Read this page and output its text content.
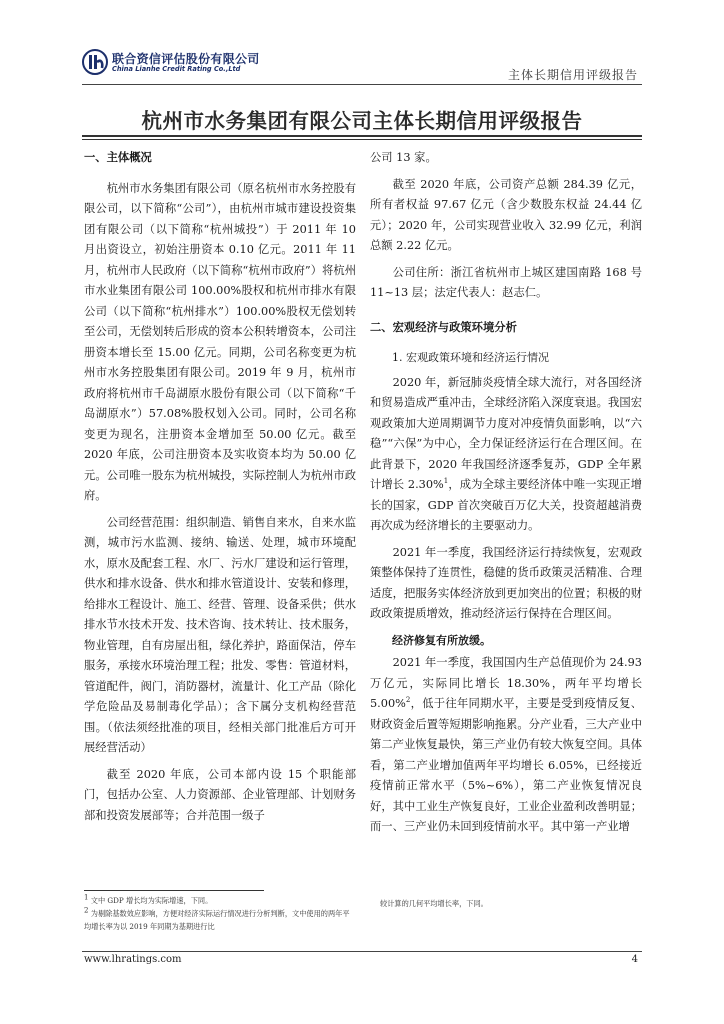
联合资信评估股份有限公司
China Lianhe Credit Rating Co.,Ltd	主体长期信用评级报告
杭州市水务集团有限公司主体长期信用评级报告
一、主体概况

杭州市水务集团有限公司（原名杭州市水务控股有限公司，以下简称“公司”），由杭州市城市建设投资集团有限公司（以下简称“杭州城投”）于 2011 年 10 月出资设立，初始注册资本 0.10 亿元。2011 年 11 月，杭州市人民政府（以下简称“杭州市政府”）将杭州市水业集团有限公司 100.00%股权和杭州市排水有限公司（以下简称“杭州排水”）100.00%股权无偿划转至公司，无偿划转后形成的资本公积转增资本，公司注册资本增长至 15.00 亿元。同期，公司名称变更为杭州市水务控股集团有限公司。2019 年 9 月，杭州市政府将杭州市千岛湖原水股份有限公司（以下简称“千岛湖原水”）57.08%股权划入公司。同时，公司名称变更为现名，注册资本金增加至 50.00 亿元。截至 2020 年底，公司注册资本及实收资本均为 50.00 亿元。公司唯一股东为杭州城投，实际控制人为杭州市政府。

公司经营范围：组织制造、销售自来水，自来水监测，城市污水监测、接纳、输送、处理，城市环境配水，原水及配套工程、水厂、污水厂建设和运行管理，供水和排水设备、供水和排水管道设计、安装和修理，给排水工程设计、施工、经营、管理、设备采供；供水排水节水技术开发、技术咨询、技术转让、技术服务，物业管理，自有房屋出租，绿化养护，路面保洁，停车服务，承接水环境治理工程；批发、零售：管道材料，管道配件，阀门，消防器材，流量计、化工产品（除化学危险品及易制毒化学品）；含下属分支机构经营范围。（依法须经批准的项目，经相关部门批准后方可开展经营活动）

截至 2020 年底，公司本部内设 15 个职能部门，包括办公室、人力资源部、企业管理部、计划财务部和投资发展部等；合并范围一级子

公司 13 家。

截至 2020 年底，公司资产总额 284.39 亿元，所有者权益 97.67 亿元（含少数股东权益 24.44 亿元）；2020 年，公司实现营业收入 32.99 亿元，利润总额 2.22 亿元。

公司住所：浙江省杭州市上城区建国南路 168 号 11~13 层；法定代表人：赵志仁。

二、宏观经济与政策环境分析

1. 宏观政策环境和经济运行情况

2020 年，新冠肺炎疫情全球大流行，对各国经济和贸易造成严重冲击，全球经济陷入深度衰退。我国宏观政策加大逆周期调节力度对冲疫情负面影响，以“六稳”“六保”为中心，全力保证经济运行在合理区间。在此背景下，2020 年我国经济逐季复苏，GDP 全年累计增长 2.30%$^1$，成为全球主要经济体中唯一实现正增长的国家，GDP 首次突破百万亿大关，投资超越消费再次成为经济增长的主要驱动力。

2021 年一季度，我国经济运行持续恢复，宏观政策整体保持了连贯性，稳健的货币政策灵活精准、合理适度，把服务实体经济放到更加突出的位置；积极的财政政策提质增效，推动经济运行保持在合理区间。

经济修复有所放缓。

2021 年一季度，我国国内生产总值现价为 24.93 万亿元，实际同比增长 18.30%，两年平均增长 5.00%$^2$，低于往年同期水平，主要是受到疫情反复、财政资金后置等短期影响拖累。分产业看，三大产业中第二产业恢复最快，第三产业仍有较大恢复空间。具体看，第二产业增加值两年平均增长 6.05%，已经接近疫情前正常水平（5%~6%），第二产业恢复情况良好，其中工业生产恢复良好，工业企业盈利改善明显；而一、三产业仍未回到疫情前水平。其中第一产业增

$^1$ 文中 GDP 增长均为实际增速，下同。
$^2$ 为剔除基数效应影响，方便对经济实际运行情况进行分析判断，文中使用的两年平均增长率为以 2019 年同期为基期进行比
较计算的几何平均增长率，下同。
www.lhratings.com	4
